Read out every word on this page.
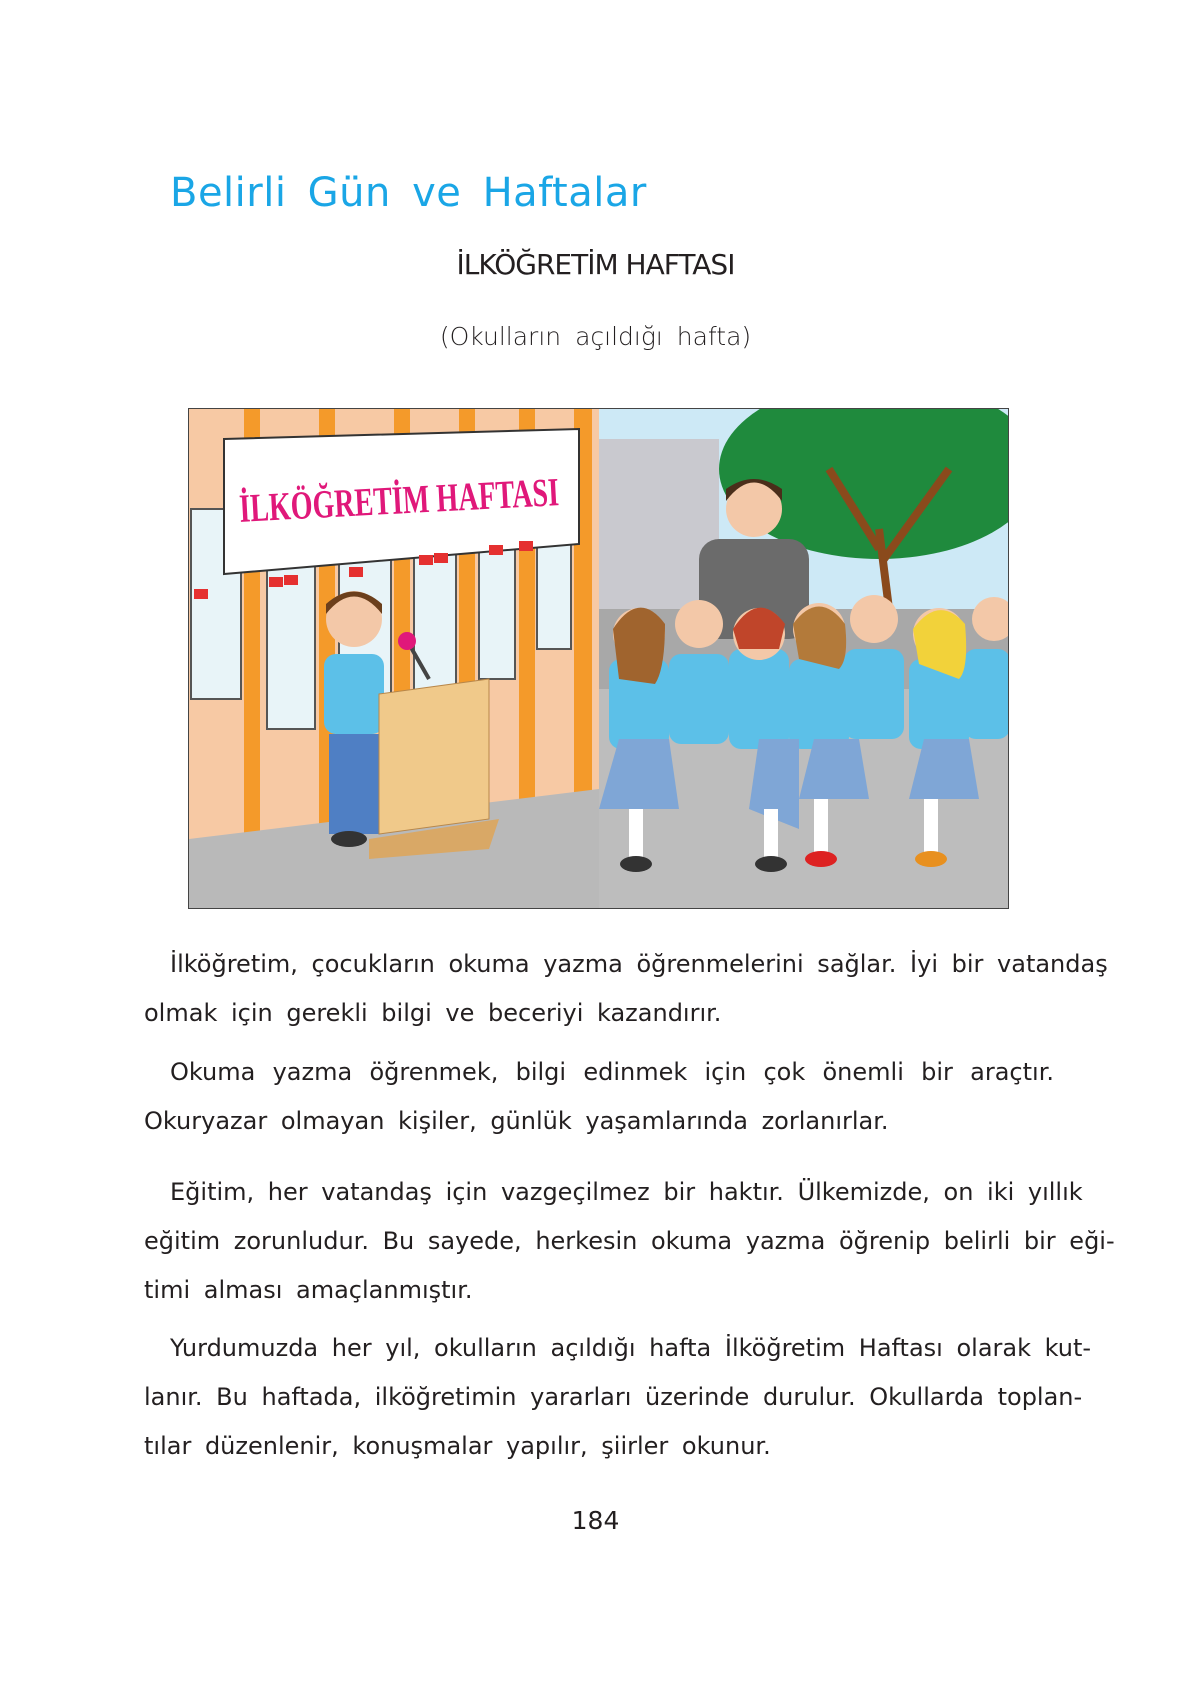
Belirli Gün ve Haftalar
İLKÖĞRETİM HAFTASI
(Okulların açıldığı hafta)
İLKÖĞRETİM HAFTASI
İlköğretim, çocukların okuma yazma öğrenmelerini sağlar. İyi bir vatandaş
olmak için gerekli bilgi ve beceriyi kazandırır.
Okuma yazma öğrenmek, bilgi edinmek için çok önemli bir araçtır.
Okuryazar olmayan kişiler, günlük yaşamlarında zorlanırlar.
Eğitim, her vatandaş için vazgeçilmez bir haktır. Ülkemizde, on iki yıllık
eğitim zorunludur. Bu sayede, herkesin okuma yazma öğrenip belirli bir eği-
timi alması amaçlanmıştır.
Yurdumuzda her yıl, okulların açıldığı hafta İlköğretim Haftası olarak kut-
lanır. Bu haftada, ilköğretimin yararları üzerinde durulur. Okullarda toplan-
tılar düzenlenir, konuşmalar yapılır, şiirler okunur.
184
